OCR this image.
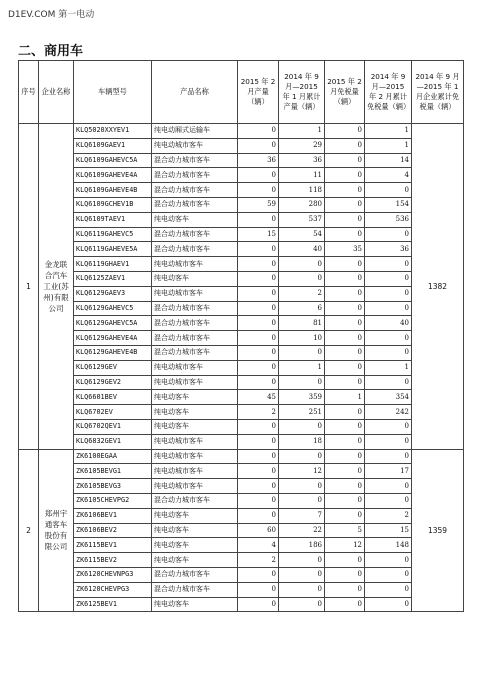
D1EV.COM 第一电动
二、商用车
序号	企业名称	车辆型号	产品名称	2015 年 2 月产量（辆）	2014 年 9 月—2015 年 1 月累计产量（辆）	2015 年 2 月免税量（辆）	2014 年 9 月—2015 年 2 月累计免税量（辆）	2014 年 9 月—2015 年 1 月企业累计免税量（辆）
1	金龙联合汽车工业(苏州)有限公司	KLQ5020XXYEV1	纯电动厢式运输车	0	1	0	1	1382
		KLQ6109GAEV1	纯电动城市客车	0	29	0	1	
		KLQ6109GAHEVC5A	混合动力城市客车	36	36	0	14	
		KLQ6109GAHEVE4A	混合动力城市客车	0	11	0	4	
		KLQ6109GAHEVE4B	混合动力城市客车	0	118	0	0	
		KLQ6109GCHEV1B	混合动力城市客车	59	280	0	154	
		KLQ6109TAEV1	纯电动客车	0	537	0	536	
		KLQ6119GAHEVC5	混合动力城市客车	15	54	0	0	
		KLQ6119GAHEVE5A	混合动力城市客车	0	40	35	36	
		KLQ6119GHAEV1	纯电动城市客车	0	0	0	0	
		KLQ6125ZAEV1	纯电动客车	0	0	0	0	
		KLQ6129GAEV3	纯电动城市客车	0	2	0	0	
		KLQ6129GAHEVC5	混合动力城市客车	0	6	0	0	
		KLQ6129GAHEVC5A	混合动力城市客车	0	81	0	40	
		KLQ6129GAHEVE4A	混合动力城市客车	0	10	0	0	
		KLQ6129GAHEVE4B	混合动力城市客车	0	0	0	0	
		KLQ6129GEV	纯电动城市客车	0	1	0	1	
		KLQ6129GEV2	纯电动城市客车	0	0	0	0	
		KLQ6601BEV	纯电动客车	45	359	1	354	
		KLQ6702EV	纯电动客车	2	251	0	242	
		KLQ6702QEV1	纯电动客车	0	0	0	0	
		KLQ6832GEV1	纯电动城市客车	0	18	0	0	
2	郑州宇通客车股份有限公司	ZK6100EGAA	纯电动城市客车	0	0	0	0	1359
		ZK6105BEVG1	纯电动城市客车	0	12	0	17	
		ZK6105BEVG3	纯电动城市客车	0	0	0	0	
		ZK6105CHEVPG2	混合动力城市客车	0	0	0	0	
		ZK6106BEV1	纯电动客车	0	7	0	2	
		ZK6106BEV2	纯电动客车	60	22	5	15	
		ZK6115BEV1	纯电动客车	4	186	12	148	
		ZK6115BEV2	纯电动客车	2	0	0	0	
		ZK6120CHEVNPG3	混合动力城市客车	0	0	0	0	
		ZK6120CHEVPG3	混合动力城市客车	0	0	0	0	
		ZK6125BEV1	纯电动客车	0	0	0	0	
